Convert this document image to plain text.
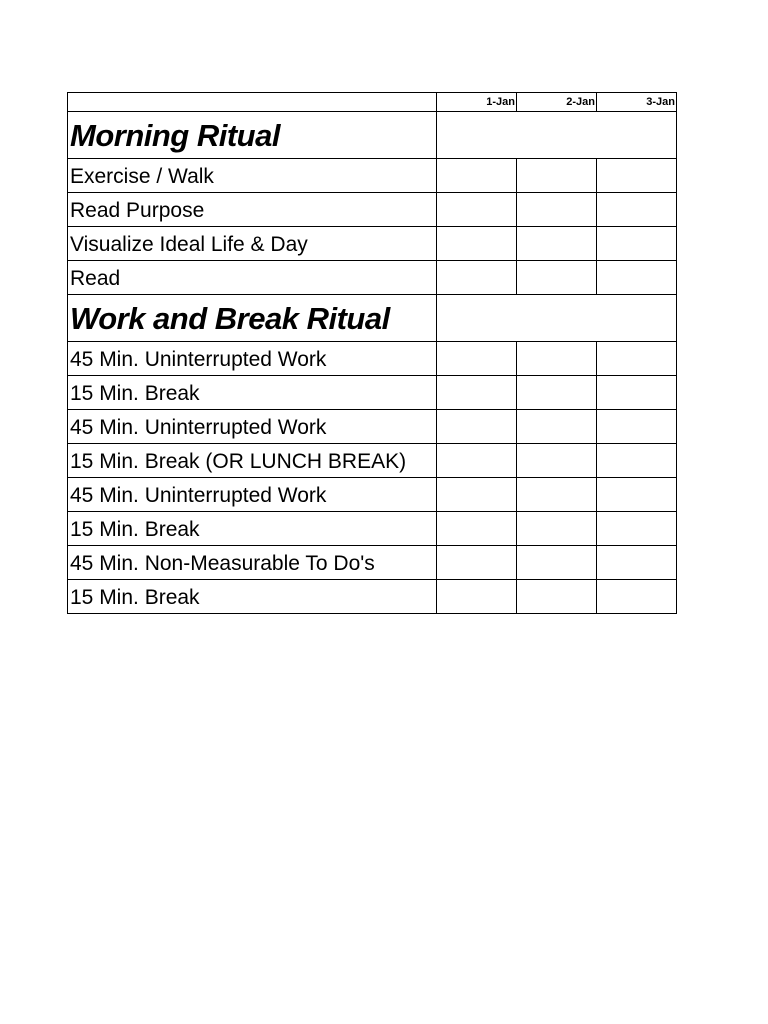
	1-Jan	2-Jan	3-Jan
Morning Ritual			
Exercise / Walk			
Read Purpose			
Visualize Ideal Life & Day			
Read			
Work and Break Ritual			
45 Min. Uninterrupted Work			
15 Min. Break			
45 Min. Uninterrupted Work			
15 Min. Break (OR LUNCH BREAK)			
45 Min. Uninterrupted Work			
15 Min. Break			
45 Min. Non-Measurable To Do's			
15 Min. Break			
